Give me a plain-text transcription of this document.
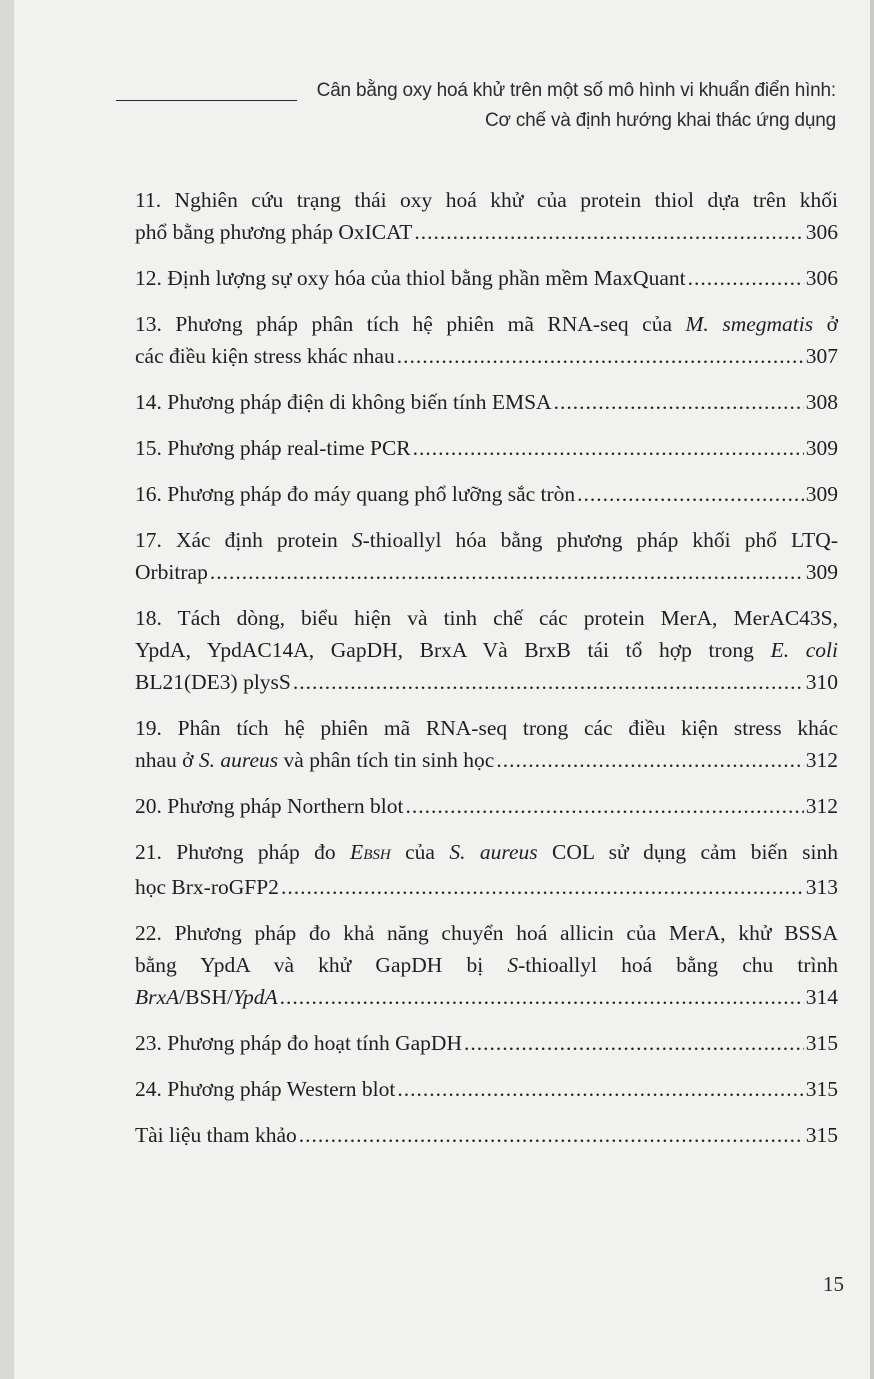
Cân bằng oxy hoá khử trên một số mô hình vi khuẩn điển hình:
Cơ chế và định hướng khai thác ứng dụng
11. Nghiên cứu trạng thái oxy hoá khử của protein thiol dựa trên khối
phổ bằng phương pháp OxICAT .....	306
12. Định lượng sự oxy hóa của thiol bằng phần mềm MaxQuant .....	306
13. Phương pháp phân tích hệ phiên mã RNA-seq của M. smegmatis ở
các điều kiện stress khác nhau .....	307
14. Phương pháp điện di không biến tính EMSA .....	308
15. Phương pháp real-time PCR .....	309
16. Phương pháp đo máy quang phổ lưỡng sắc tròn .....	309
17. Xác định protein S-thioallyl hóa bằng phương pháp khối phổ LTQ-
Orbitrap .....	309
18. Tách dòng, biểu hiện và tinh chế các protein MerA, MerAC43S,
YpdA, YpdAC14A, GapDH, BrxA Và BrxB tái tổ hợp trong E. coli
BL21(DE3) plysS .....	310
19. Phân tích hệ phiên mã RNA-seq trong các điều kiện stress khác
nhau ở S. aureus và phân tích tin sinh học .....	312
20. Phương pháp Northern blot .....	312
21. Phương pháp đo EBSH của S. aureus COL sử dụng cảm biến sinh
học Brx-roGFP2 .....	313
22. Phương pháp đo khả năng chuyển hoá allicin của MerA, khử BSSA
bằng YpdA và khử GapDH bị S-thioallyl hoá bằng chu trình
BrxA/BSH/YpdA .....	314
23. Phương pháp đo hoạt tính GapDH .....	315
24. Phương pháp Western blot .....	315
Tài liệu tham khảo .....	315
15
